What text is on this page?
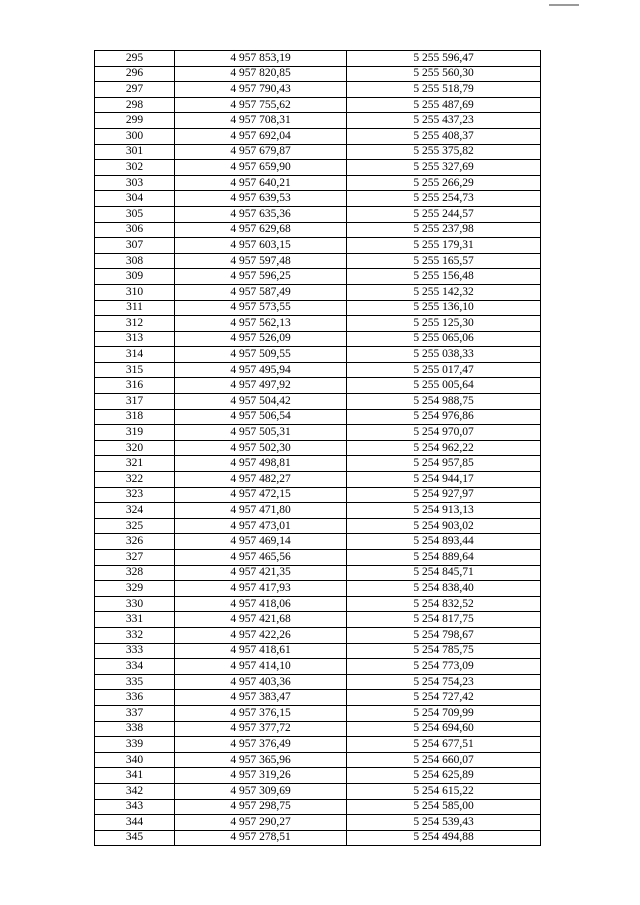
295	4 957 853,19	5 255 596,47
296	4 957 820,85	5 255 560,30
297	4 957 790,43	5 255 518,79
298	4 957 755,62	5 255 487,69
299	4 957 708,31	5 255 437,23
300	4 957 692,04	5 255 408,37
301	4 957 679,87	5 255 375,82
302	4 957 659,90	5 255 327,69
303	4 957 640,21	5 255 266,29
304	4 957 639,53	5 255 254,73
305	4 957 635,36	5 255 244,57
306	4 957 629,68	5 255 237,98
307	4 957 603,15	5 255 179,31
308	4 957 597,48	5 255 165,57
309	4 957 596,25	5 255 156,48
310	4 957 587,49	5 255 142,32
311	4 957 573,55	5 255 136,10
312	4 957 562,13	5 255 125,30
313	4 957 526,09	5 255 065,06
314	4 957 509,55	5 255 038,33
315	4 957 495,94	5 255 017,47
316	4 957 497,92	5 255 005,64
317	4 957 504,42	5 254 988,75
318	4 957 506,54	5 254 976,86
319	4 957 505,31	5 254 970,07
320	4 957 502,30	5 254 962,22
321	4 957 498,81	5 254 957,85
322	4 957 482,27	5 254 944,17
323	4 957 472,15	5 254 927,97
324	4 957 471,80	5 254 913,13
325	4 957 473,01	5 254 903,02
326	4 957 469,14	5 254 893,44
327	4 957 465,56	5 254 889,64
328	4 957 421,35	5 254 845,71
329	4 957 417,93	5 254 838,40
330	4 957 418,06	5 254 832,52
331	4 957 421,68	5 254 817,75
332	4 957 422,26	5 254 798,67
333	4 957 418,61	5 254 785,75
334	4 957 414,10	5 254 773,09
335	4 957 403,36	5 254 754,23
336	4 957 383,47	5 254 727,42
337	4 957 376,15	5 254 709,99
338	4 957 377,72	5 254 694,60
339	4 957 376,49	5 254 677,51
340	4 957 365,96	5 254 660,07
341	4 957 319,26	5 254 625,89
342	4 957 309,69	5 254 615,22
343	4 957 298,75	5 254 585,00
344	4 957 290,27	5 254 539,43
345	4 957 278,51	5 254 494,88
